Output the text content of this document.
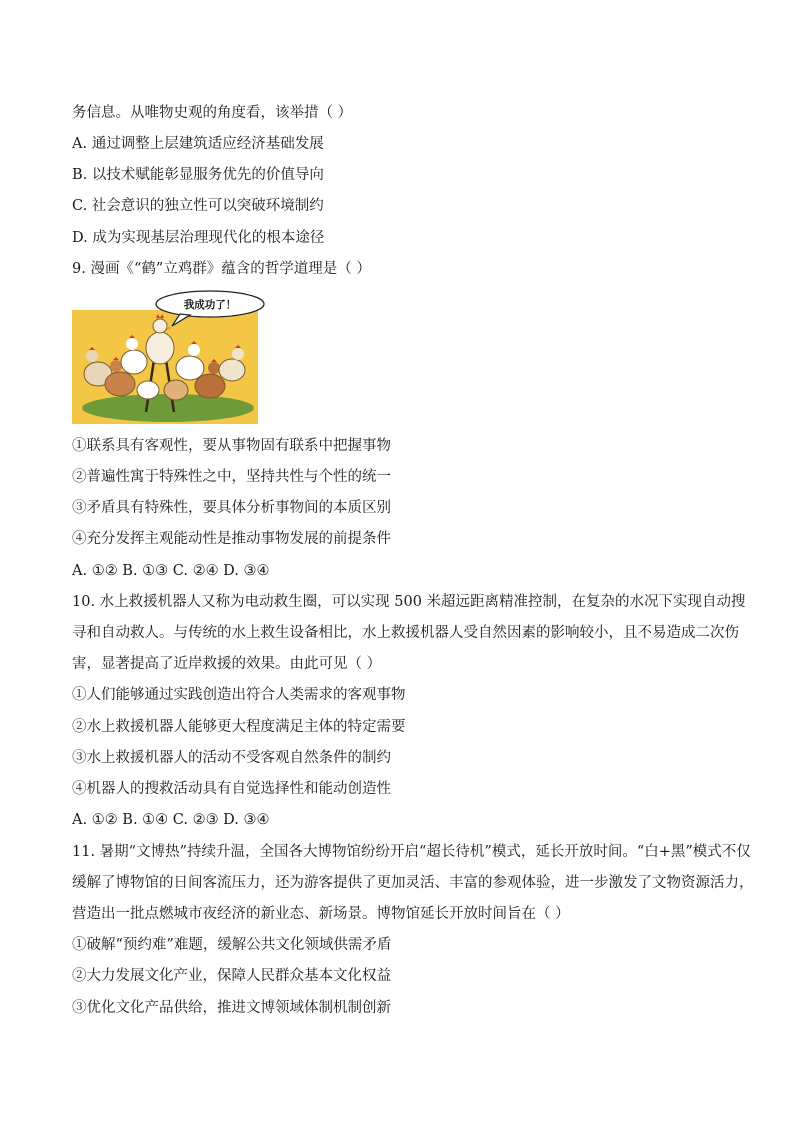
务信息。从唯物史观的角度看，该举措（ ）
A. 通过调整上层建筑适应经济基础发展
B. 以技术赋能彰显服务优先的价值导向
C. 社会意识的独立性可以突破环境制约
D. 成为实现基层治理现代化的根本途径
9. 漫画《“鹤”立鸡群》蕴含的哲学道理是（ ）
我成功了！
①联系具有客观性，要从事物固有联系中把握事物
②普遍性寓于特殊性之中，坚持共性与个性的统一
③矛盾具有特殊性，要具体分析事物间的本质区别
④充分发挥主观能动性是推动事物发展的前提条件
A. ①② B. ①③ C. ②④ D. ③④
10. 水上救援机器人又称为电动救生圈，可以实现 500 米超远距离精准控制，在复杂的水况下实现自动搜
寻和自动救人。与传统的水上救生设备相比，水上救援机器人受自然因素的影响较小，且不易造成二次伤
害，显著提高了近岸救援的效果。由此可见（ ）
①人们能够通过实践创造出符合人类需求的客观事物
②水上救援机器人能够更大程度满足主体的特定需要
③水上救援机器人的活动不受客观自然条件的制约
④机器人的搜救活动具有自觉选择性和能动创造性
A. ①② B. ①④ C. ②③ D. ③④
11. 暑期“文博热”持续升温，全国各大博物馆纷纷开启“超长待机”模式，延长开放时间。“白+黑”模式不仅
缓解了博物馆的日间客流压力，还为游客提供了更加灵活、丰富的参观体验，进一步激发了文物资源活力，
营造出一批点燃城市夜经济的新业态、新场景。博物馆延长开放时间旨在（ ）
①破解“预约难”难题，缓解公共文化领域供需矛盾
②大力发展文化产业，保障人民群众基本文化权益
③优化文化产品供给，推进文博领域体制机制创新
